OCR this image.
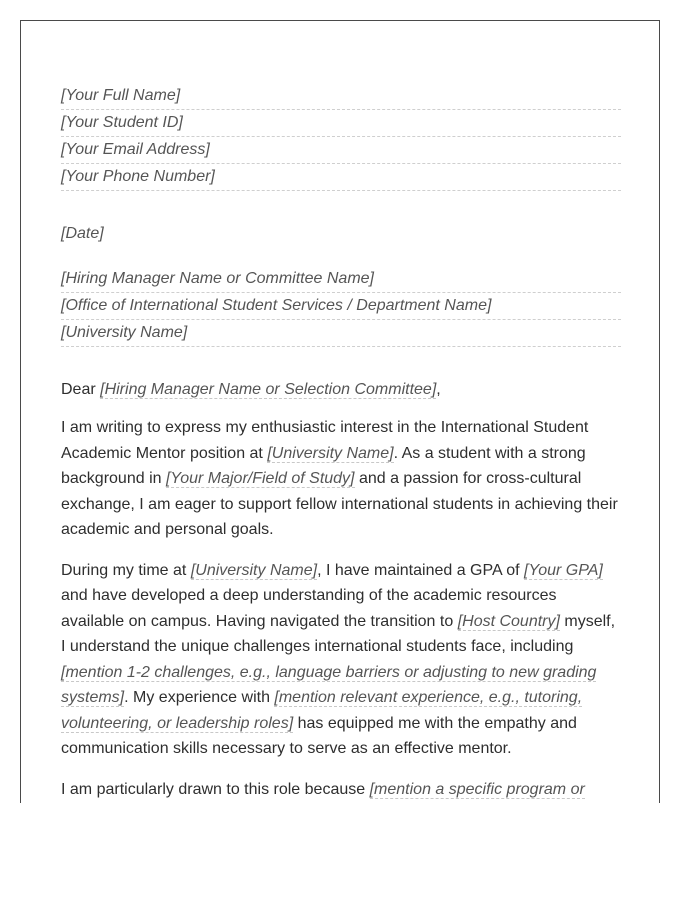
[Your Full Name]
[Your Student ID]
[Your Email Address]
[Your Phone Number]
[Date]
[Hiring Manager Name or Committee Name]
[Office of International Student Services / Department Name]
[University Name]

Dear [Hiring Manager Name or Selection Committee],

I am writing to express my enthusiastic interest in the International Student Academic Mentor position at [University Name]. As a student with a strong background in [Your Major/Field of Study] and a passion for cross-cultural exchange, I am eager to support fellow international students in achieving their academic and personal goals.

During my time at [University Name], I have maintained a GPA of [Your GPA] and have developed a deep understanding of the academic resources available on campus. Having navigated the transition to [Host Country] myself, I understand the unique challenges international students face, including [mention 1-2 challenges, e.g., language barriers or adjusting to new grading systems]. My experience with [mention relevant experience, e.g., tutoring, volunteering, or leadership roles] has equipped me with the empathy and communication skills necessary to serve as an effective mentor.

I am particularly drawn to this role because [mention a specific program or
